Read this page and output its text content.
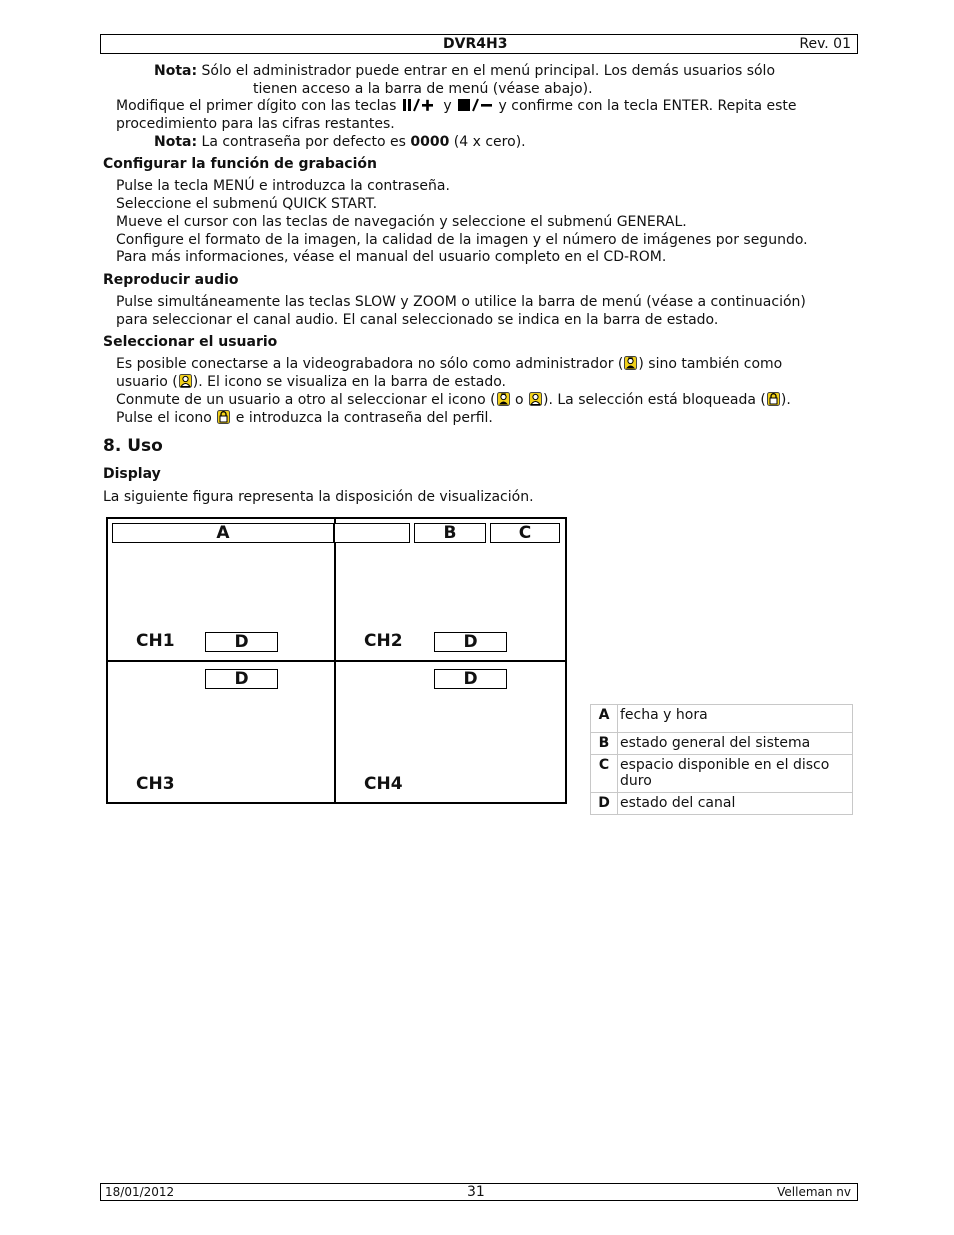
DVR4H3	Rev. 01
Nota: Sólo el administrador puede entrar en el menú principal. Los demás usuarios sólo
tienen acceso a la barra de menú (véase abajo).
Modifique el primer dígito con las teclas	y	y confirme con la tecla ENTER. Repita este
procedimiento para las cifras restantes.
Nota: La contraseña por defecto es 0000 (4 x cero).
Configurar la función de grabación
Pulse la tecla MENÚ e introduzca la contraseña.
Seleccione el submenú QUICK START.
Mueve el cursor con las teclas de navegación y seleccione el submenú GENERAL.
Configure el formato de la imagen, la calidad de la imagen y el número de imágenes por segundo.
Para más informaciones, véase el manual del usuario completo en el CD-ROM.
Reproducir audio
Pulse simultáneamente las teclas SLOW y ZOOM o utilice la barra de menú (véase a continuación)
para seleccionar el canal audio. El canal seleccionado se indica en la barra de estado.
Seleccionar el usuario
Es posible conectarse a la videograbadora no sólo como administrador ( ) sino también como
usuario ( ). El icono se visualiza en la barra de estado.
Conmute de un usuario a otro al seleccionar el icono ( o ). La selección está bloqueada ( ).
Pulse el icono  e introduzca la contraseña del perfil.
8. Uso
Display
La siguiente figura representa la disposición de visualización.
A	B	C
CH1	D	CH2	D
D	D
CH3	CH4
A	fecha y hora
B	estado general del sistema
C	espacio disponible en el disco duro
D	estado del canal
18/01/2012	31	Velleman nv
